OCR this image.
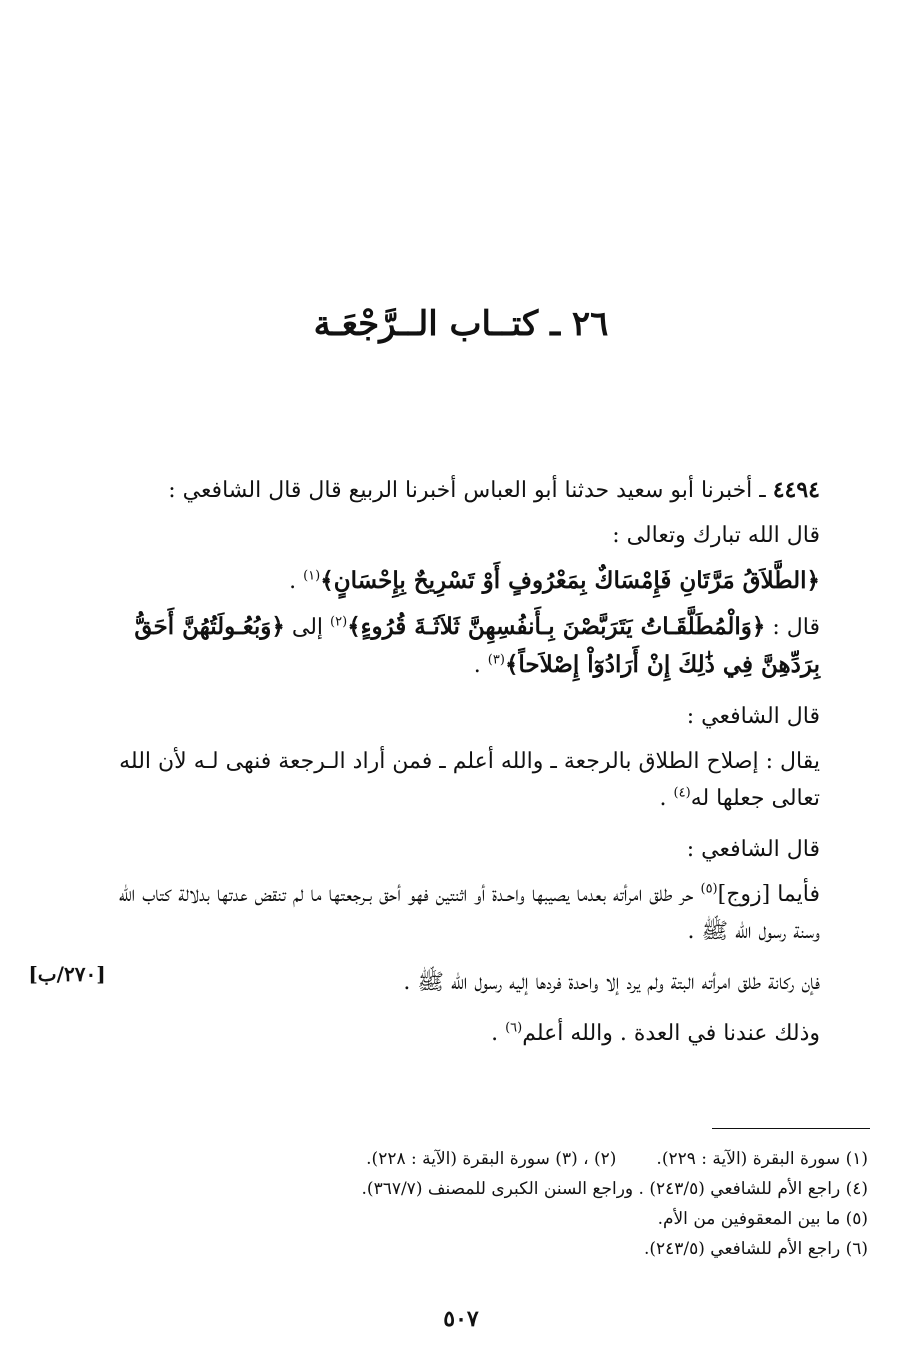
٢٦ ـ كتــاب الــرَّجْعَـة

٤٤٩٤ ـ أخبرنا أبو سعيد حدثنا أبو العباس أخبرنا الربيع قال قال الشافعي :

قال الله تبارك وتعالى :

﴿الطَّلاَقُ مَرَّتَانِ فَإِمْسَاكٌ بِمَعْرُوفٍ أَوْ تَسْرِيحٌ بِإِحْسَانٍ﴾$^{(١)}$ .

قال : ﴿وَالْمُطَلَّقَـاتُ يَتَرَبَّصْنَ بِـأَنفُسِهِنَّ ثَلاَثَـةَ قُرُوءٍ﴾$^{(٢)}$ إلى ﴿وَبُعُـولَتُهُنَّ أَحَقُّ بِرَدِّهِنَّ فِي ذَٰلِكَ إِنْ أَرَادُوٓاْ إِصْلاَحاً﴾$^{(٣)}$ .

قال الشافعي :

يقال : إصلاح الطلاق بالرجعة ـ والله أعلم ـ فمن أراد الـرجعة فنهى لـه لأن الله تعالى جعلها له$^{(٤)}$ .

قال الشافعي :

فأيما [زوج]$^{(٥)}$ حر طلق امرأته بعدما يصيبها واحـدة أو اثنتين فهو أحق بـرجعتها ما لم تنقض عدتها بدلالة كتاب الله وسنة رسول الله ﷺ .

فإن ركانة طلق امرأته البتة ولم يرد إلا واحدة فردها إليه رسول الله ﷺ .

وذلك عندنا في العدة . والله أعلم$^{(٦)}$ .

[٢٧٠/ب]
(١) سورة البقرة (الآية : ٢٢٩).(٢) ، (٣) سورة البقرة (الآية : ٢٢٨).
(٤) راجع الأم للشافعي (٢٤٣/٥) . وراجع السنن الكبرى للمصنف (٣٦٧/٧).
(٥) ما بين المعقوفين من الأم.
(٦) راجع الأم للشافعي (٢٤٣/٥).
٥٠٧
